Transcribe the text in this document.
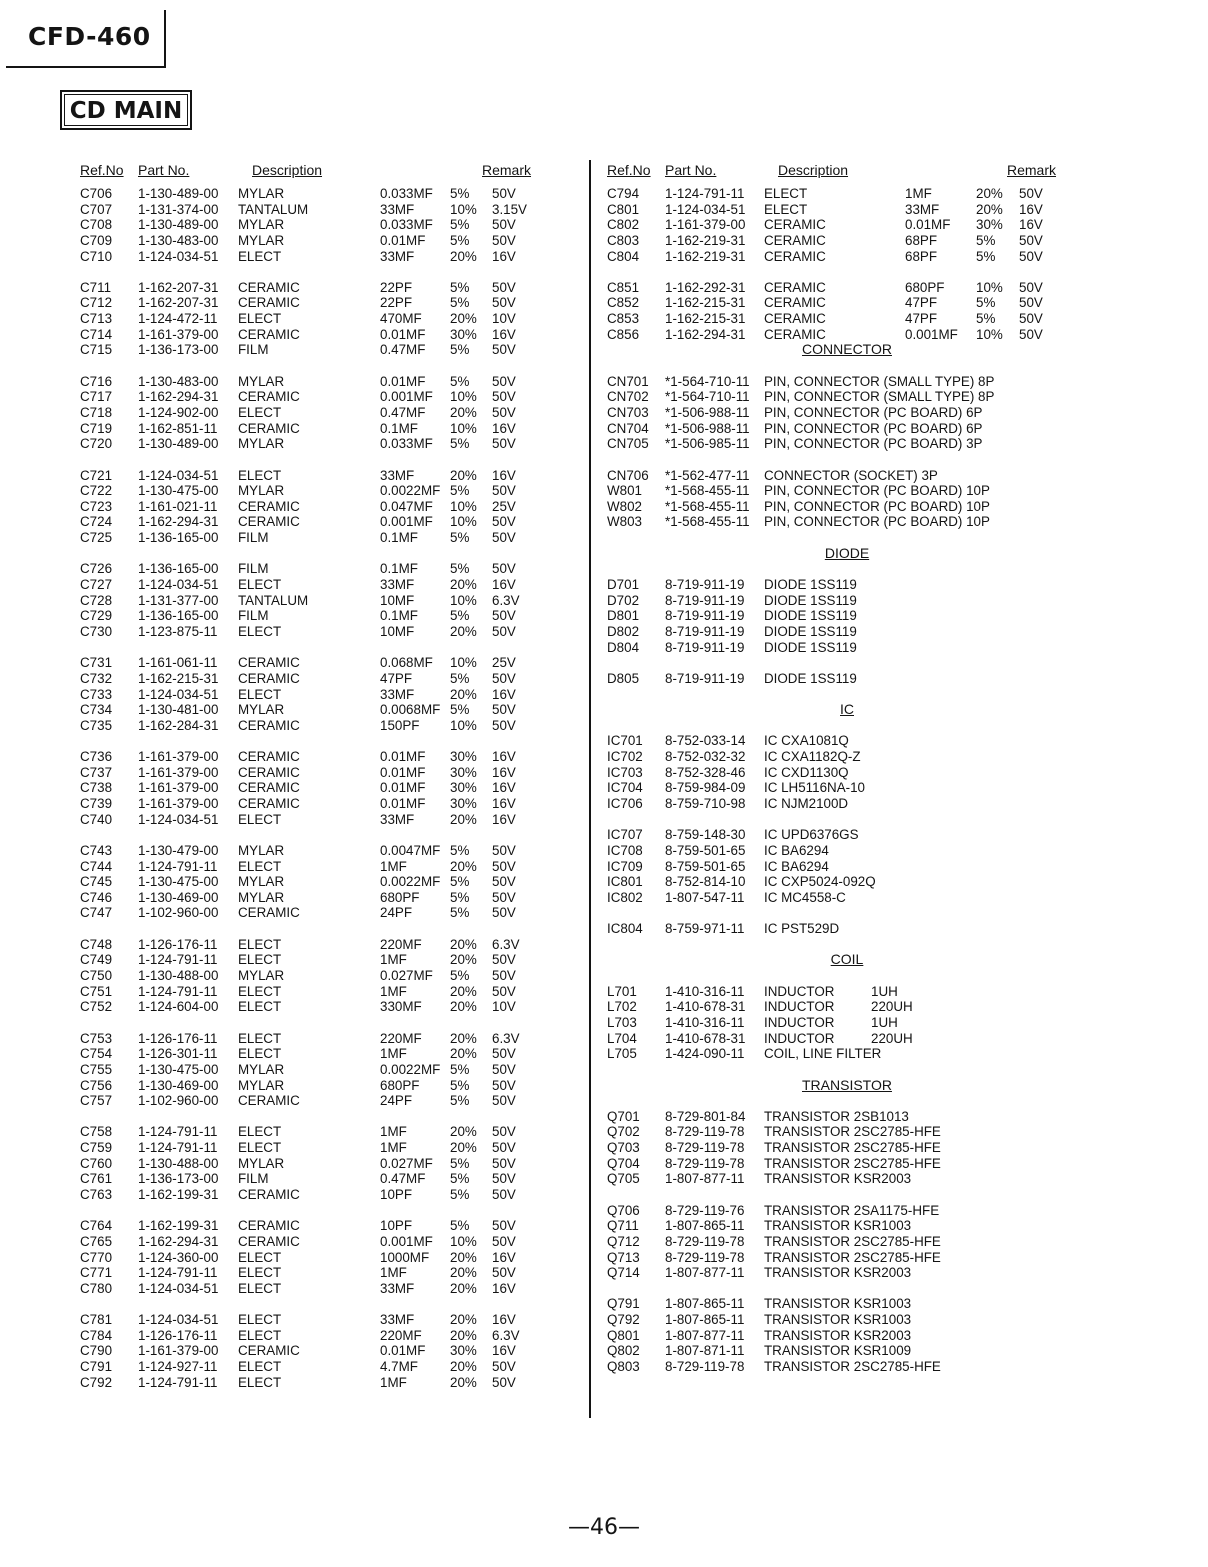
CFD-460
CD MAIN
Ref.No Part No.	Description	Remark
C706 1-130-489-00 MYLAR	0.033MF 5% 50V
C707 1-131-374-00 TANTALUM	33MF	10% 3.15V
C708 1-130-489-00 MYLAR	0.033MF 5% 50V
C709 1-130-483-00 MYLAR	0.01MF 5% 50V
C710 1-124-034-51 ELECT	33MF	20% 16V
C711 1-162-207-31 CERAMIC	22PF	5% 50V
C712 1-162-207-31 CERAMIC	22PF	5% 50V
C713 1-124-472-11 ELECT	470MF 20% 10V
C714 1-161-379-00 CERAMIC	0.01MF 30% 16V
C715 1-136-173-00 FILM	0.47MF 5% 50V
C716 1-130-483-00 MYLAR	0.01MF 5% 50V
C717 1-162-294-31 CERAMIC	0.001MF 10% 50V
C718 1-124-902-00 ELECT	0.47MF 20% 50V
C719 1-162-851-11 CERAMIC	0.1MF 10% 16V
C720 1-130-489-00 MYLAR	0.033MF 5% 50V
C721 1-124-034-51 ELECT	33MF	20% 16V
C722 1-130-475-00 MYLAR	0.0022MF 5% 50V
C723 1-161-021-11 CERAMIC	0.047MF 10% 25V
C724 1-162-294-31 CERAMIC	0.001MF 10% 50V
C725 1-136-165-00 FILM	0.1MF 5% 50V
C726 1-136-165-00 FILM	0.1MF 5% 50V
C727 1-124-034-51 ELECT	33MF	20% 16V
C728 1-131-377-00 TANTALUM	10MF	10% 6.3V
C729 1-136-165-00 FILM	0.1MF 5% 50V
C730 1-123-875-11 ELECT	10MF	20% 50V
C731 1-161-061-11 CERAMIC	0.068MF 10% 25V
C732 1-162-215-31 CERAMIC	47PF	5% 50V
C733 1-124-034-51 ELECT	33MF	20% 16V
C734 1-130-481-00 MYLAR	0.0068MF 5% 50V
C735 1-162-284-31 CERAMIC	150PF 10% 50V
C736 1-161-379-00 CERAMIC	0.01MF 30% 16V
C737 1-161-379-00 CERAMIC	0.01MF 30% 16V
C738 1-161-379-00 CERAMIC	0.01MF 30% 16V
C739 1-161-379-00 CERAMIC	0.01MF 30% 16V
C740 1-124-034-51 ELECT	33MF	20% 16V
C743 1-130-479-00 MYLAR	0.0047MF 5% 50V
C744 1-124-791-11 ELECT	1MF	20% 50V
C745 1-130-475-00 MYLAR	0.0022MF 5% 50V
C746 1-130-469-00 MYLAR	680PF 5% 50V
C747 1-102-960-00 CERAMIC	24PF	5% 50V
C748 1-126-176-11 ELECT	220MF 20% 6.3V
C749 1-124-791-11 ELECT	1MF	20% 50V
C750 1-130-488-00 MYLAR	0.027MF 5% 50V
C751 1-124-791-11 ELECT	1MF	20% 50V
C752 1-124-604-00 ELECT	330MF 20% 10V
C753 1-126-176-11 ELECT	220MF 20% 6.3V
C754 1-126-301-11 ELECT	1MF	20% 50V
C755 1-130-475-00 MYLAR	0.0022MF 5% 50V
C756 1-130-469-00 MYLAR	680PF 5% 50V
C757 1-102-960-00 CERAMIC	24PF	5% 50V
C758 1-124-791-11 ELECT	1MF	20% 50V
C759 1-124-791-11 ELECT	1MF	20% 50V
C760 1-130-488-00 MYLAR	0.027MF 5% 50V
C761 1-136-173-00 FILM	0.47MF 5% 50V
C763 1-162-199-31 CERAMIC	10PF	5% 50V
C764 1-162-199-31 CERAMIC	10PF	5% 50V
C765 1-162-294-31 CERAMIC	0.001MF 10% 50V
C770 1-124-360-00 ELECT	1000MF 20% 16V
C771 1-124-791-11 ELECT	1MF	20% 50V
C780 1-124-034-51 ELECT	33MF	20% 16V
C781 1-124-034-51 ELECT	33MF	20% 16V
C784 1-126-176-11 ELECT	220MF 20% 6.3V
C790 1-161-379-00 CERAMIC	0.01MF 30% 16V
C791 1-124-927-11 ELECT	4.7MF 20% 50V
C792 1-124-791-11 ELECT	1MF	20% 50V
Ref.No Part No.	Description	Remark
C794 1-124-791-11 ELECT	1MF	20% 50V
C801 1-124-034-51 ELECT	33MF	20% 16V
C802 1-161-379-00 CERAMIC	0.01MF 30% 16V
C803 1-162-219-31 CERAMIC	68PF	5% 50V
C804 1-162-219-31 CERAMIC	68PF	5% 50V
C851 1-162-292-31 CERAMIC	680PF 10% 50V
C852 1-162-215-31 CERAMIC	47PF	5% 50V
C853 1-162-215-31 CERAMIC	47PF	5% 50V
C856 1-162-294-31 CERAMIC	0.001MF 10% 50V
CONNECTOR
CN701 *1-564-710-11 PIN, CONNECTOR (SMALL TYPE) 8P
CN702 *1-564-710-11 PIN, CONNECTOR (SMALL TYPE) 8P
CN703 *1-506-988-11 PIN, CONNECTOR (PC BOARD) 6P
CN704 *1-506-988-11 PIN, CONNECTOR (PC BOARD) 6P
CN705 *1-506-985-11 PIN, CONNECTOR (PC BOARD) 3P
CN706 *1-562-477-11 CONNECTOR (SOCKET) 3P
W801 *1-568-455-11 PIN, CONNECTOR (PC BOARD) 10P
W802 *1-568-455-11 PIN, CONNECTOR (PC BOARD) 10P
W803 *1-568-455-11 PIN, CONNECTOR (PC BOARD) 10P
DIODE
D701 8-719-911-19 DIODE 1SS119
D702 8-719-911-19 DIODE 1SS119
D801 8-719-911-19 DIODE 1SS119
D802 8-719-911-19 DIODE 1SS119
D804 8-719-911-19 DIODE 1SS119
D805 8-719-911-19 DIODE 1SS119
IC
IC701 8-752-033-14 IC CXA1081Q
IC702 8-752-032-32 IC CXA1182Q-Z
IC703 8-752-328-46 IC CXD1130Q
IC704 8-759-984-09 IC LH5116NA-10
IC706 8-759-710-98 IC NJM2100D
IC707 8-759-148-30 IC UPD6376GS
IC708 8-759-501-65 IC BA6294
IC709 8-759-501-65 IC BA6294
IC801 8-752-814-10 IC CXP5024-092Q
IC802 1-807-547-11 IC MC4558-C
IC804 8-759-971-11 IC PST529D
COIL
L701 1-410-316-11 INDUCTOR	1UH
L702 1-410-678-31 INDUCTOR	220UH
L703 1-410-316-11 INDUCTOR	1UH
L704 1-410-678-31 INDUCTOR	220UH
L705 1-424-090-11 COIL, LINE FILTER
TRANSISTOR
Q701 8-729-801-84 TRANSISTOR 2SB1013
Q702 8-729-119-78 TRANSISTOR 2SC2785-HFE
Q703 8-729-119-78 TRANSISTOR 2SC2785-HFE
Q704 8-729-119-78 TRANSISTOR 2SC2785-HFE
Q705 1-807-877-11 TRANSISTOR KSR2003
Q706 8-729-119-76 TRANSISTOR 2SA1175-HFE
Q711 1-807-865-11 TRANSISTOR KSR1003
Q712 8-729-119-78 TRANSISTOR 2SC2785-HFE
Q713 8-729-119-78 TRANSISTOR 2SC2785-HFE
Q714 1-807-877-11 TRANSISTOR KSR2003
Q791 1-807-865-11 TRANSISTOR KSR1003
Q792 1-807-865-11 TRANSISTOR KSR1003
Q801 1-807-877-11 TRANSISTOR KSR2003
Q802 1-807-871-11 TRANSISTOR KSR1009
Q803 8-729-119-78 TRANSISTOR 2SC2785-HFE
—46—
